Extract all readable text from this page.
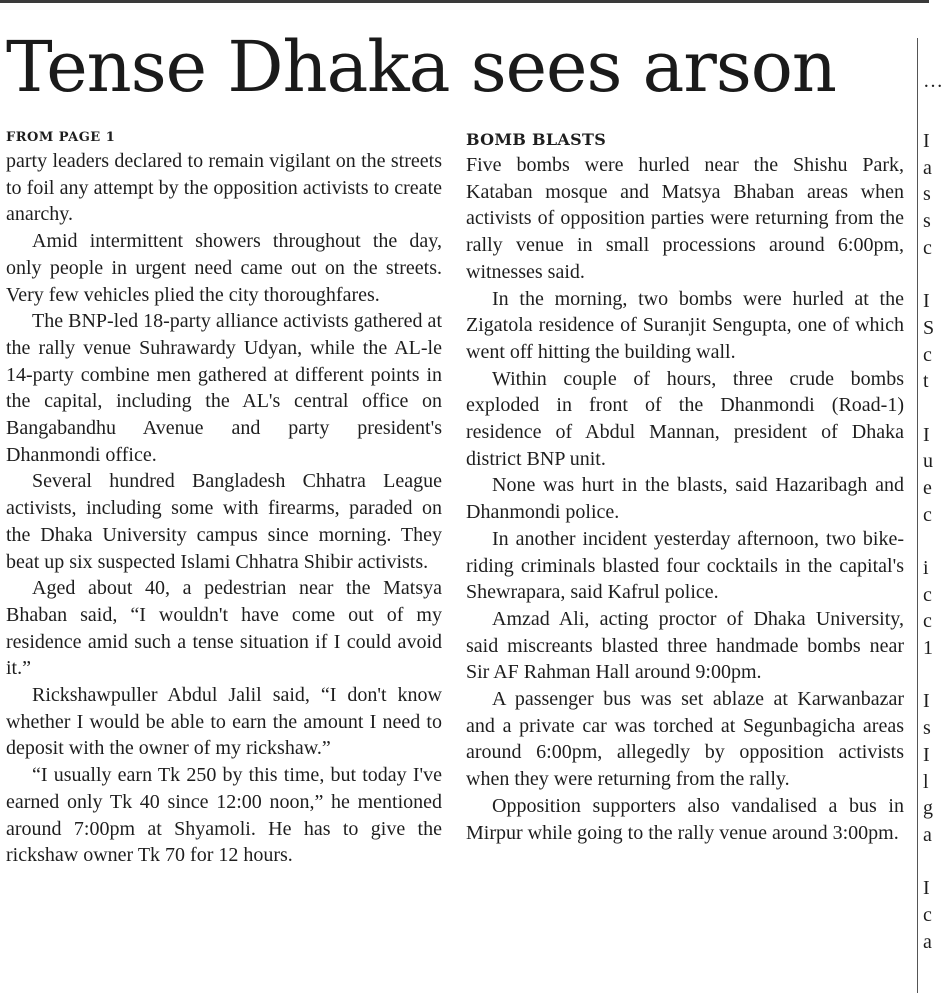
Tense Dhaka sees arson
FROM PAGE 1

party leaders declared to remain vigilant on the streets to foil any attempt by the opposition activists to create anarchy.

Amid intermittent showers throughout the day, only people in urgent need came out on the streets. Very few vehicles plied the city thoroughfares.

The BNP-led 18-party alliance activists gathered at the rally venue Suhrawardy Udyan, while the AL-le 14-party combine men gathered at different points in the capital, including the AL's central office on Bangabandhu Avenue and party president's Dhanmondi office.

Several hundred Bangladesh Chhatra League activists, including some with firearms, paraded on the Dhaka University campus since morning. They beat up six suspected Islami Chhatra Shibir activists.

Aged about 40, a pedestrian near the Matsya Bhaban said, “I wouldn't have come out of my residence amid such a tense situation if I could avoid it.”

Rickshawpuller Abdul Jalil said, “I don't know whether I would be able to earn the amount I need to deposit with the owner of my rickshaw.”

“I usually earn Tk 250 by this time, but today I've earned only Tk 40 since 12:00 noon,” he mentioned around 7:00pm at Shyamoli. He has to give the rickshaw owner Tk 70 for 12 hours.

BOMB BLASTS

Five bombs were hurled near the Shishu Park, Kataban mosque and Matsya Bhaban areas when activists of opposition parties were returning from the rally venue in small processions around 6:00pm, witnesses said.

In the morning, two bombs were hurled at the Zigatola residence of Suranjit Sengupta, one of which went off hitting the building wall.

Within couple of hours, three crude bombs exploded in front of the Dhanmondi (Road-1) residence of Abdul Mannan, president of Dhaka district BNP unit.

None was hurt in the blasts, said Hazaribagh and Dhanmondi police.

In another incident yesterday afternoon, two bike-riding criminals blasted four cocktails in the capital's Shewrapara, said Kafrul police.

Amzad Ali, acting proctor of Dhaka University, said miscreants blasted three handmade bombs near Sir AF Rahman Hall around 9:00pm.

A passenger bus was set ablaze at Karwanbazar and a private car was torched at Segunbagicha areas around 6:00pm, allegedly by opposition activists when they were returning from the rally.

Opposition supporters also vandalised a bus in Mirpur while going to the rally venue around 3:00pm.

…
I
a
s
s
c
I
S
c
t
I
u
e
c
i
c
c
1
I
s
I
l
g
a
I
c
a
